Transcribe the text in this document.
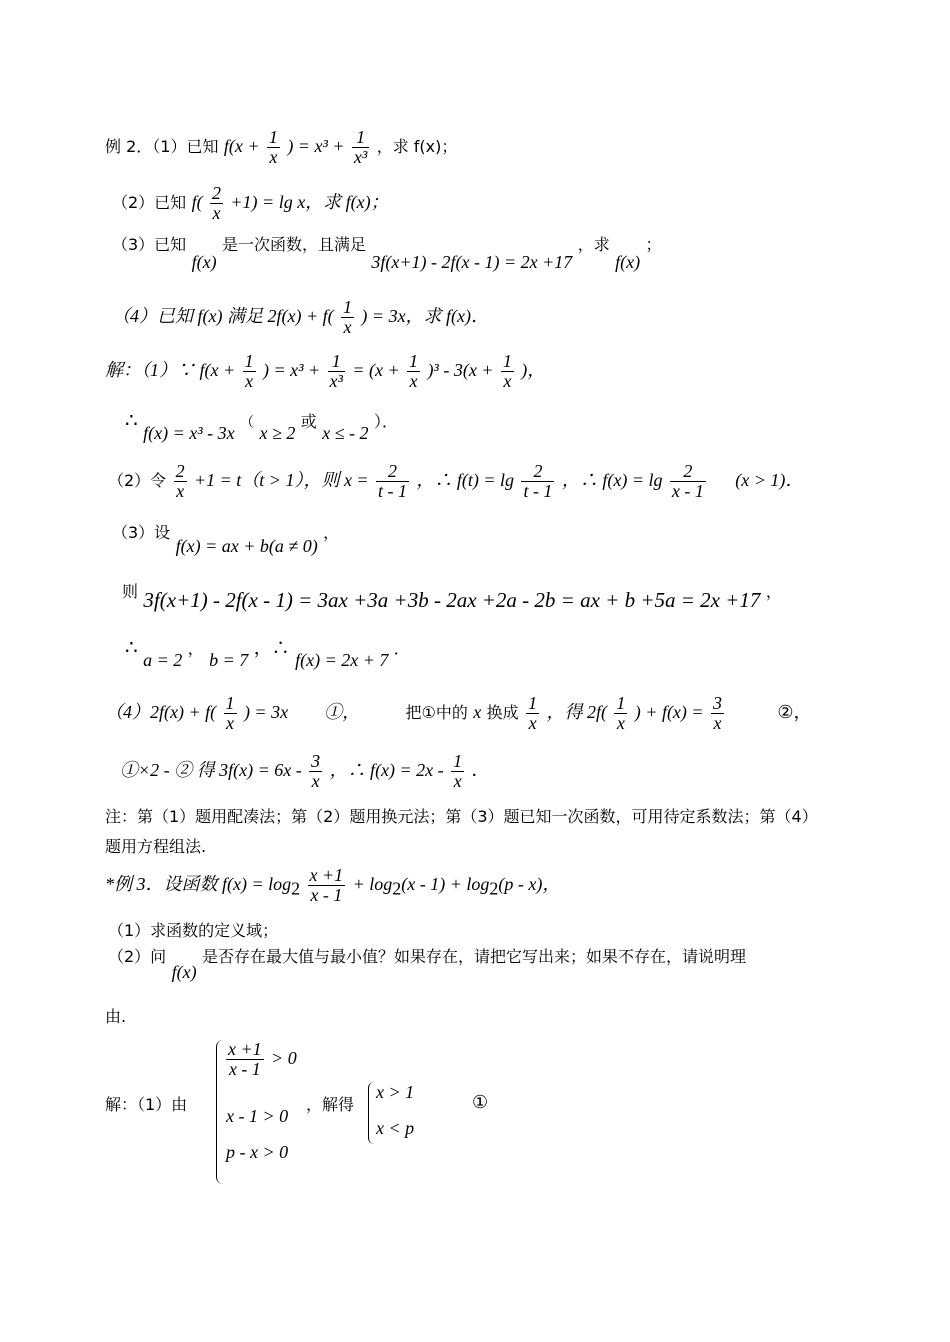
例 2．（1）已知 $f(x + \frac{1}{x}$ ) = $x^3 + \frac{1}{\text{x³}}$ ，求 f(x)；
（2）已知 $f( \frac{2}{x} +1) = \lg x$，求 f(x)；
（3）已知 f(x) 是一次函数，且满足 3f(x+1) - 2f(x - 1) = 2x +17 ，求 f(x) ；
（4）已知 f(x) 满足 $2f(x) + f( \frac{1}{x}$ ) = 3x，求 f(x)．
解：（1）∵ $f(x + \frac{1}{x}$ ) = $x^3 + \frac{1}{\text{x³}} = (x + \frac{1}{x} )^3 - 3(x + \frac{1}{x}$ )，
∴ f(x) = x³ - 3x （ x ≥ 2 或 x ≤ - 2 ）．
（2）令 $\frac{2}{x} +1 = t(t > 1)$，则 $x = \frac{2}{t - 1}$ ，∴ $f(t) = \lg \frac{2}{t - 1}$ ，∴ $f(x) = \lg \frac{2}{x - 1} (x > 1)$．
（3）设 f(x) = ax + b(a ≠ 0) ，
则 3f(x+1) - 2f(x - 1) = 3ax +3a +3b - 2ax +2a - 2b = ax + b +5a = 2x +17 ，
∴ a = 2 ， b = 7 ，∴ f(x) = 2x + 7 ．
$(4)2f(x) + f( \frac{1}{x}$ ) = 3x　　①，	把①中的 x 换成 $\frac{1}{x}$ ，得 $2f( \frac{1}{x}$ ) + $f(x) = \frac{3}{x}$	②，
①×2 - ② 得 $3f(x) = 6x - \frac{3}{x}$ ，∴ $f(x) = 2x - \frac{1}{x}$ ．
注：第（1）题用配凑法；第（2）题用换元法；第（3）题已知一次函数，可用待定系数法；第（4）
题用方程组法.
*例 3．设函数 $f(x) = \log_2 \frac{x +1}{x - 1} + \log_2(x - 1) + \log_2(p - x)$，
（1）求函数的定义域；
（2）问 f(x) 是否存在最大值与最小值？如果存在，请把它写出来；如果不存在，请说明理
由.
解：（1）由
$\frac{x +1}{x - 1} > 0$
x - 1 > 0
p - x > 0
，解得
x > 1
x < p
①
